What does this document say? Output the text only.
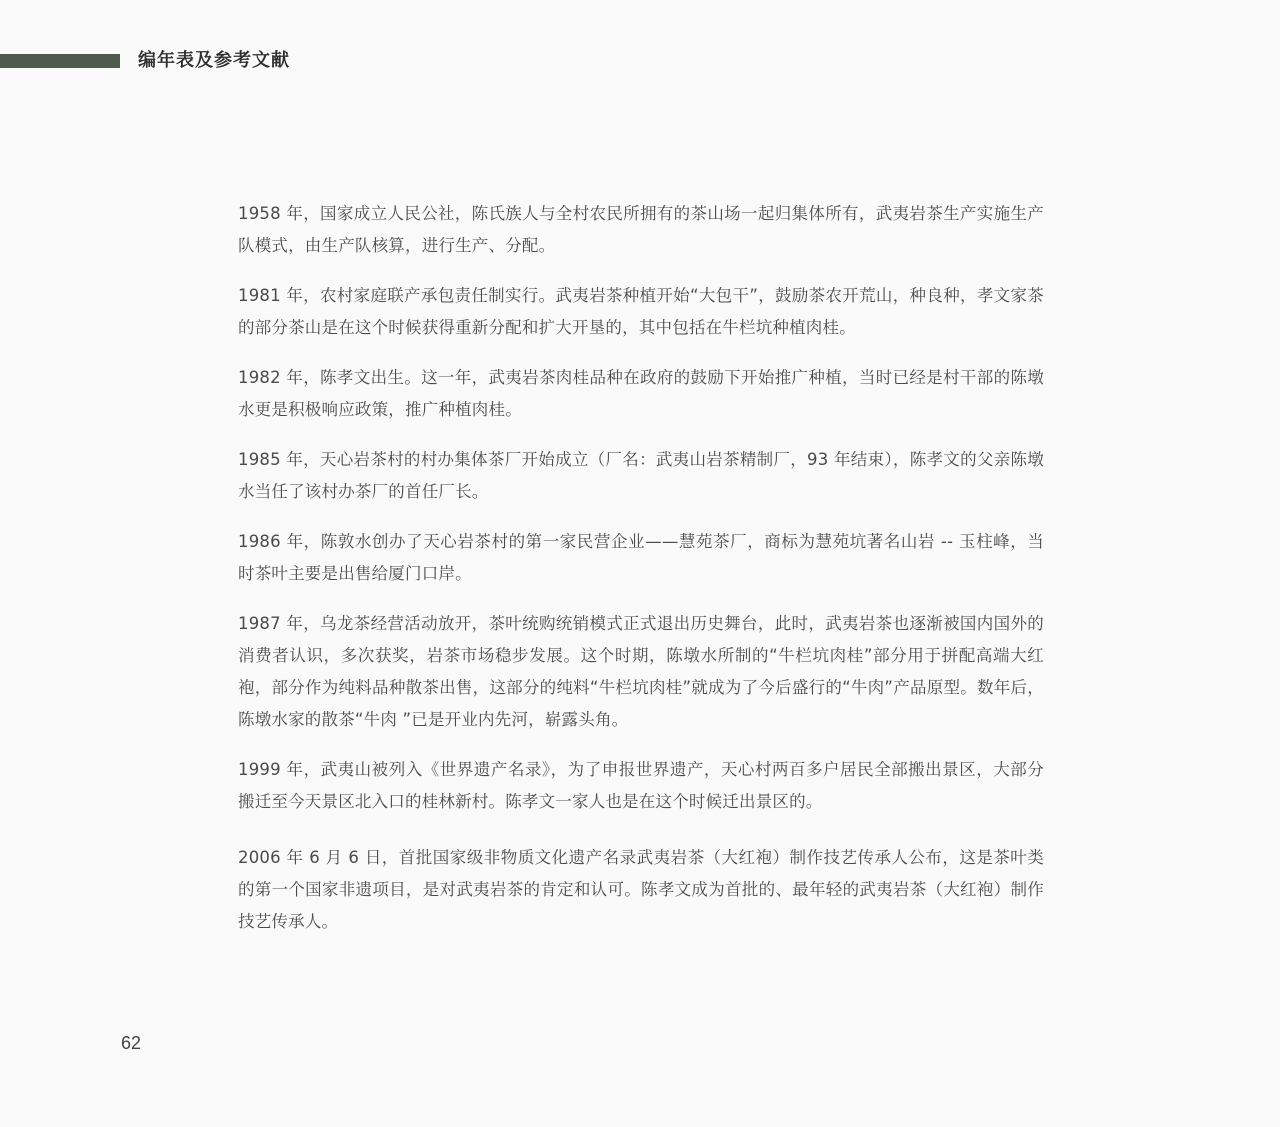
编年表及参考文献

1958 年，国家成立人民公社，陈氏族人与全村农民所拥有的茶山场一起归集体所有，武夷岩茶生产实施生产队模式，由生产队核算，进行生产、分配。

1981 年，农村家庭联产承包责任制实行。武夷岩茶种植开始“大包干”，鼓励茶农开荒山，种良种，孝文家茶的部分茶山是在这个时候获得重新分配和扩大开垦的，其中包括在牛栏坑种植肉桂。

1982 年，陈孝文出生。这一年，武夷岩茶肉桂品种在政府的鼓励下开始推广种植，当时已经是村干部的陈墩水更是积极响应政策，推广种植肉桂。

1985 年，天心岩茶村的村办集体茶厂开始成立（厂名：武夷山岩茶精制厂，93 年结束），陈孝文的父亲陈墩水当任了该村办茶厂的首任厂长。

1986 年，陈敦水创办了天心岩茶村的第一家民营企业——慧苑茶厂，商标为慧苑坑著名山岩 -- 玉柱峰，当时茶叶主要是出售给厦门口岸。

1987 年，乌龙茶经营活动放开，茶叶统购统销模式正式退出历史舞台，此时，武夷岩茶也逐渐被国内国外的消费者认识，多次获奖，岩茶市场稳步发展。这个时期，陈墩水所制的“牛栏坑肉桂”部分用于拼配高端大红袍，部分作为纯料品种散茶出售，这部分的纯料“牛栏坑肉桂”就成为了今后盛行的“牛肉”产品原型。数年后，陈墩水家的散茶“牛肉 ”已是开业内先河，崭露头角。

1999 年，武夷山被列入《世界遗产名录》，为了申报世界遗产，天心村两百多户居民全部搬出景区，大部分搬迁至今天景区北入口的桂林新村。陈孝文一家人也是在这个时候迁出景区的。

2006 年 6 月 6 日，首批国家级非物质文化遗产名录武夷岩茶（大红袍）制作技艺传承人公布，这是茶叶类的第一个国家非遗项目，是对武夷岩茶的肯定和认可。陈孝文成为首批的、最年轻的武夷岩茶（大红袍）制作技艺传承人。

62
